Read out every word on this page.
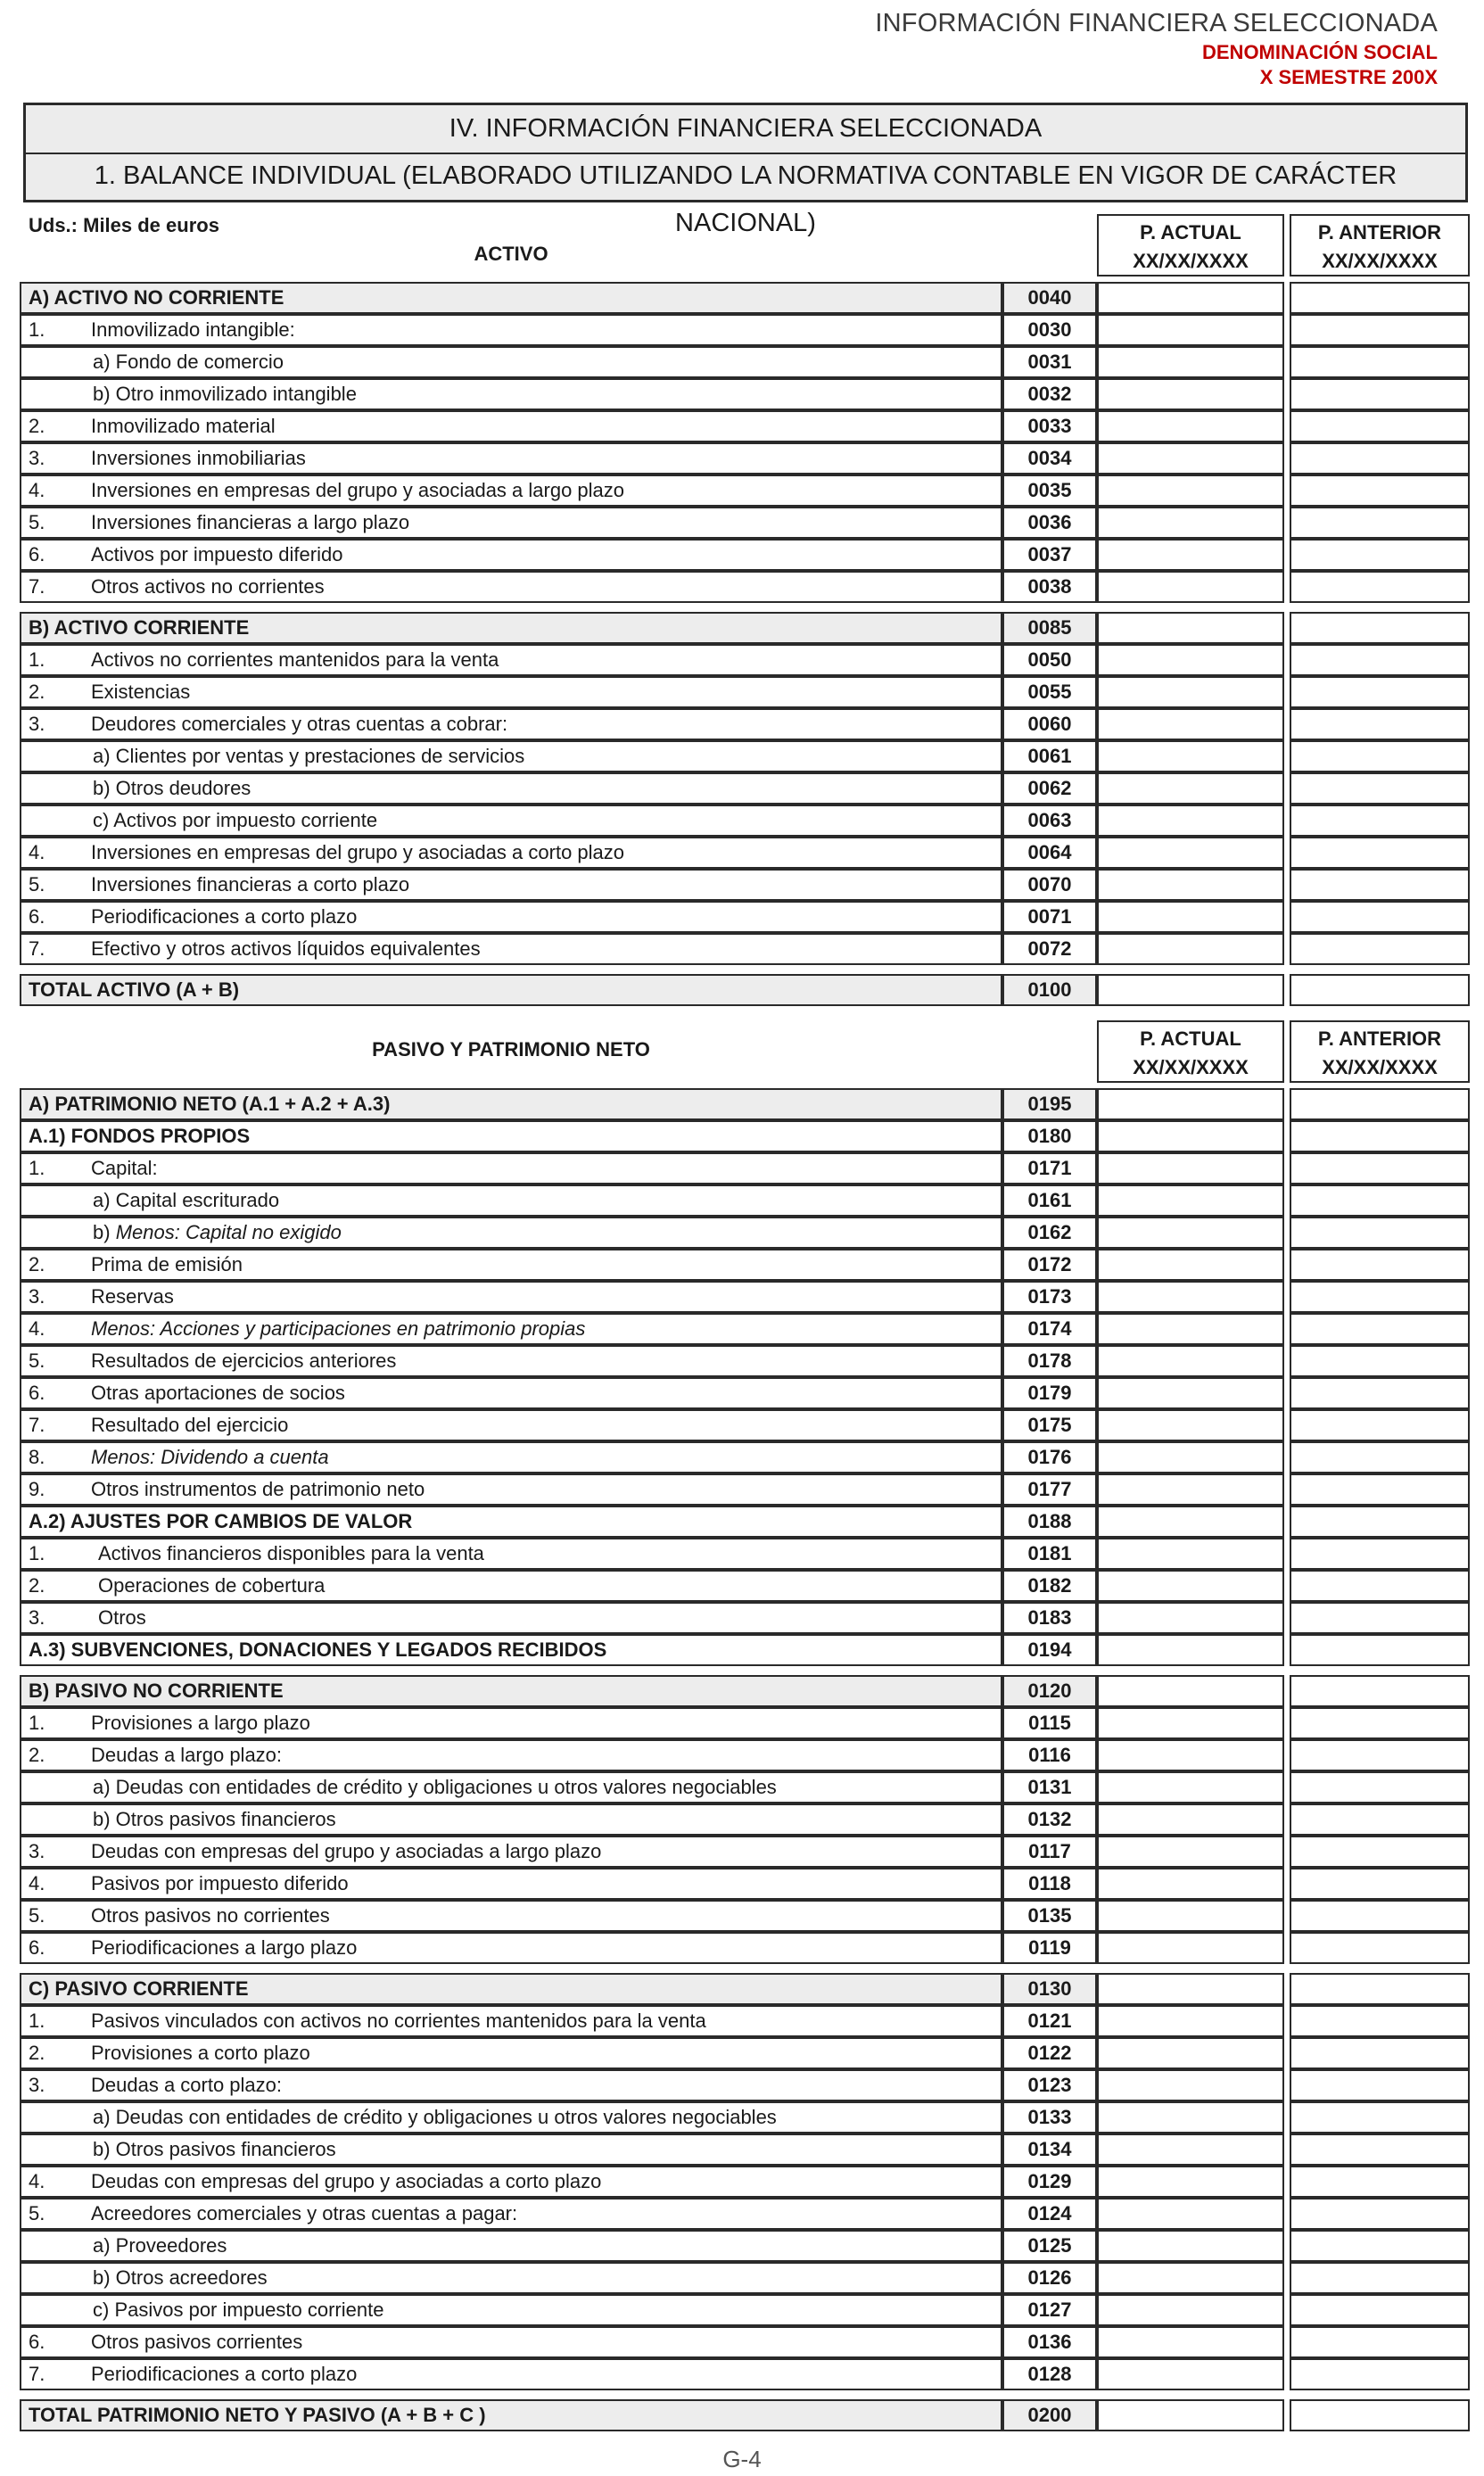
INFORMACIÓN FINANCIERA SELECCIONADA
DENOMINACIÓN SOCIAL
X SEMESTRE 200X
IV. INFORMACIÓN FINANCIERA SELECCIONADA
1. BALANCE INDIVIDUAL (ELABORADO UTILIZANDO LA NORMATIVA CONTABLE EN VIGOR DE CARÁCTER NACIONAL)
Uds.: Miles de euros
ACTIVO
P. ACTUAL
XX/XX/XXXX
P. ANTERIOR
XX/XX/XXXX
PASIVO Y PATRIMONIO NETO	P. ACTUAL
XX/XX/XXXX
P. ANTERIOR
XX/XX/XXXX
A) ACTIVO NO CORRIENTE	0040
1. Inmovilizado intangible:	0030
a) Fondo de comercio	0031
b) Otro inmovilizado intangible	0032
2. Inmovilizado material	0033
3. Inversiones inmobiliarias	0034
4. Inversiones en empresas del grupo y asociadas a largo plazo	0035
5. Inversiones financieras a largo plazo	0036
6. Activos por impuesto diferido	0037
7. Otros activos no corrientes	0038
B) ACTIVO CORRIENTE	0085
1. Activos no corrientes mantenidos para la venta	0050
2. Existencias	0055
3. Deudores comerciales y otras cuentas a cobrar:	0060
a) Clientes por ventas y prestaciones de servicios	0061
b) Otros deudores	0062
c) Activos por impuesto corriente	0063
4. Inversiones en empresas del grupo y asociadas a corto plazo	0064
5. Inversiones financieras a corto plazo	0070
6. Periodificaciones a corto plazo	0071
7. Efectivo y otros activos líquidos equivalentes	0072
TOTAL ACTIVO (A + B)	0100
A) PATRIMONIO NETO (A.1 + A.2 + A.3)	0195
A.1) FONDOS PROPIOS	0180
1. Capital:	0171
a) Capital escriturado	0161
b) Menos: Capital no exigido	0162
2. Prima de emisión	0172
3. Reservas	0173
4. Menos: Acciones y participaciones en patrimonio propias	0174
5. Resultados de ejercicios anteriores	0178
6. Otras aportaciones de socios	0179
7. Resultado del ejercicio	0175
8. Menos: Dividendo a cuenta	0176
9. Otros instrumentos de patrimonio neto	0177
A.2) AJUSTES POR CAMBIOS DE VALOR	0188
1.	Activos financieros disponibles para la venta	0181
2.	Operaciones de cobertura	0182
3.	Otros	0183
A.3) SUBVENCIONES, DONACIONES Y LEGADOS RECIBIDOS	0194
B) PASIVO NO CORRIENTE	0120
1. Provisiones a largo plazo	0115
2. Deudas a largo plazo:	0116
a) Deudas con entidades de crédito y obligaciones u otros valores negociables	0131
b) Otros pasivos financieros	0132
3. Deudas con empresas del grupo y asociadas a largo plazo	0117
4. Pasivos por impuesto diferido	0118
5. Otros pasivos no corrientes	0135
6. Periodificaciones a largo plazo	0119
C) PASIVO CORRIENTE	0130
1. Pasivos vinculados con activos no corrientes mantenidos para la venta	0121
2. Provisiones a corto plazo	0122
3. Deudas a corto plazo:	0123
a) Deudas con entidades de crédito y obligaciones u otros valores negociables	0133
b) Otros pasivos financieros	0134
4. Deudas con empresas del grupo y asociadas a corto plazo	0129
5. Acreedores comerciales y otras cuentas a pagar:	0124
a) Proveedores	0125
b) Otros acreedores	0126
c) Pasivos por impuesto corriente	0127
6. Otros pasivos corrientes	0136
7. Periodificaciones a corto plazo	0128
TOTAL PATRIMONIO NETO Y PASIVO (A + B + C )	0200
G-4
